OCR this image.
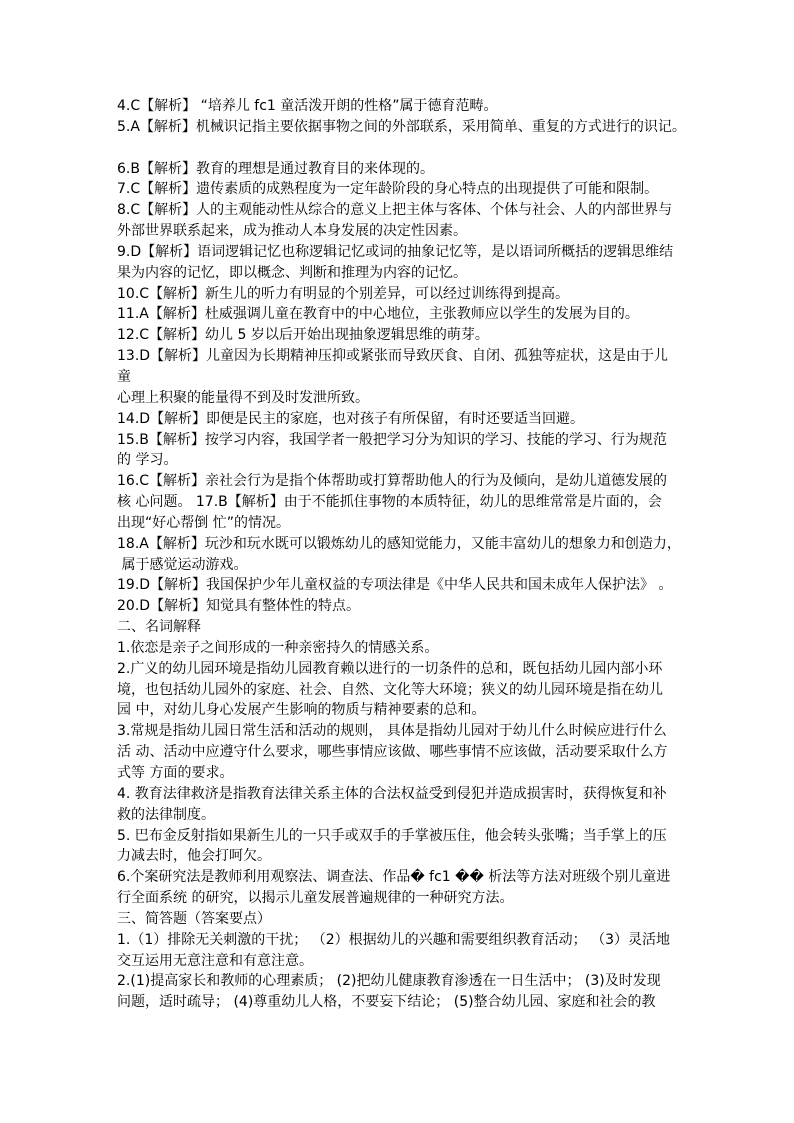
4.C【解析】 “培养儿 fc1 童活泼开朗的性格”属于德育范畴。
5.A【解析】机械识记指主要依据事物之间的外部联系，采用简单、重复的方式进行的识记。
6.B【解析】教育的理想是通过教育目的来体现的。
7.C【解析】遗传素质的成熟程度为一定年龄阶段的身心特点的出现提供了可能和限制。
8.C【解析】人的主观能动性从综合的意义上把主体与客体、个体与社会、人的内部世界与
外部世界联系起来，成为推动人本身发展的决定性因素。
9.D【解析】语词逻辑记忆也称逻辑记忆或词的抽象记忆等，是以语词所概括的逻辑思维结
果为内容的记忆，即以概念、判断和推理为内容的记忆。
10.C【解析】新生儿的听力有明显的个别差异，可以经过训练得到提高。
11.A【解析】杜威强调儿童在教育中的中心地位，主张教师应以学生的发展为目的。
12.C【解析】幼儿 5 岁以后开始出现抽象逻辑思维的萌芽。
13.D【解析】儿童因为长期精神压抑或紧张而导致厌食、自闭、孤独等症状，这是由于儿
童
心理上积聚的能量得不到及时发泄所致。
14.D【解析】即便是民主的家庭，也对孩子有所保留，有时还要适当回避。
15.B【解析】按学习内容，我国学者一般把学习分为知识的学习、技能的学习、行为规范
的 学习。
16.C【解析】亲社会行为是指个体帮助或打算帮助他人的行为及倾向，是幼儿道德发展的
核 心问题。 17.B【解析】由于不能抓住事物的本质特征，幼儿的思维常常是片面的，会
出现“好心帮倒 忙”的情况。
18.A【解析】玩沙和玩水既可以锻炼幼儿的感知觉能力，又能丰富幼儿的想象力和创造力，
属于感觉运动游戏。
19.D【解析】我国保护少年儿童权益的专项法律是《中华人民共和国未成年人保护法》 。
20.D【解析】知觉具有整体性的特点。
二、名词解释
1.依恋是亲子之间形成的一种亲密持久的情感关系。
2.广义的幼儿园环境是指幼儿园教育赖以进行的一切条件的总和，既包括幼儿园内部小环
境，也包括幼儿园外的家庭、社会、自然、文化等大环境；狭义的幼儿园环境是指在幼儿
园 中，对幼儿身心发展产生影响的物质与精神要素的总和。
3.常规是指幼儿园日常生活和活动的规则， 具体是指幼儿园对于幼儿什么时候应进行什么
活 动、活动中应遵守什么要求，哪些事情应该做、哪些事情不应该做，活动要采取什么方
式等 方面的要求。
4. 教育法律救济是指教育法律关系主体的合法权益受到侵犯并造成损害时，获得恢复和补
救的法律制度。
5. 巴布金反射指如果新生儿的一只手或双手的手掌被压住，他会转头张嘴；当手掌上的压
力减去时，他会打呵欠。
6.个案研究法是教师利用观察法、调查法、作品� fc1 �� 析法等方法对班级个别儿童进
行全面系统 的研究，以揭示儿童发展普遍规律的一种研究方法。
三、简答题（答案要点）
1.（1）排除无关刺激的干扰； （2）根据幼儿的兴趣和需要组织教育活动； （3）灵活地
交互运用无意注意和有意注意。
2.(1)提高家长和教师的心理素质； (2)把幼儿健康教育渗透在一日生活中； (3)及时发现
问题，适时疏导； (4)尊重幼儿人格，不要妄下结论； (5)整合幼儿园、家庭和社会的教
